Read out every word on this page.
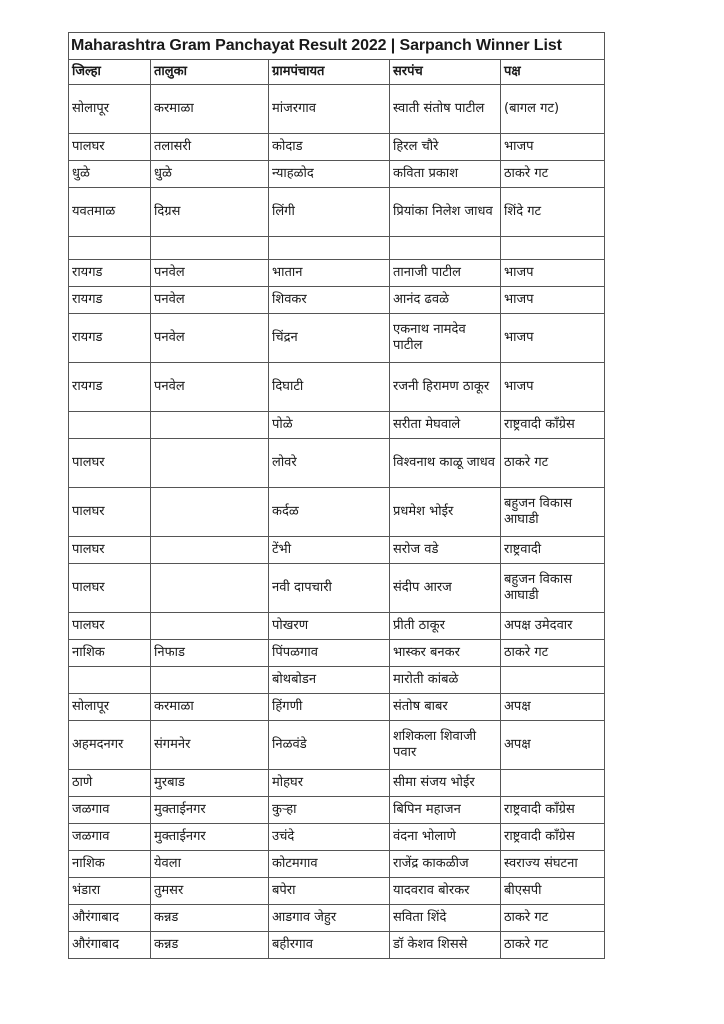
Maharashtra Gram Panchayat Result 2022 | Sarpanch Winner List				
जिल्हा	तालुका	ग्रामपंचायत	सरपंच	पक्ष
सोलापूर	करमाळा	मांजरगाव	स्वाती संतोष पाटील	(बागल गट)
पालघर	तलासरी	कोदाड	हिरल चौरे	भाजप
धुळे	धुळे	न्याहळोद	कविता प्रकाश	ठाकरे गट
यवतमाळ	दिग्रस	लिंगी	प्रियांका निलेश जाधव	शिंदे गट

रायगड	पनवेल	भातान	तानाजी पाटील	भाजप
रायगड	पनवेल	शिवकर	आनंद ढवळे	भाजप
रायगड	पनवेल	चिंद्रन	एकनाथ नामदेव पाटील	भाजप
रायगड	पनवेल	दिघाटी	रजनी हिरामण ठाकूर	भाजप
		पोळे	सरीता मेघवाले	राष्ट्रवादी काँग्रेस
पालघर		लोवरे	विश्वनाथ काळू जाधव	ठाकरे गट
पालघर		कर्दळ	प्रधमेश भोईर	बहुजन विकास आघाडी
पालघर		टेंभी	सरोज वडे	राष्ट्रवादी
पालघर		नवी दापचारी	संदीप आरज	बहुजन विकास आघाडी
पालघर		पोखरण	प्रीती ठाकूर	अपक्ष उमेदवार
नाशिक	निफाड	पिंपळगाव	भास्कर बनकर	ठाकरे गट
		बोथबोडन	मारोती कांबळे	
सोलापूर	करमाळा	हिंगणी	संतोष बाबर	अपक्ष
अहमदनगर	संगमनेर	निळवंडे	शशिकला शिवाजी पवार	अपक्ष
ठाणे	मुरबाड	मोहघर	सीमा संजय भोईर	
जळगाव	मुक्ताईनगर	कुऱ्हा	बिपिन महाजन	राष्ट्रवादी काँग्रेस
जळगाव	मुक्ताईनगर	उचंदे	वंदना भोलाणे	राष्ट्रवादी काँग्रेस
नाशिक	येवला	कोटमगाव	राजेंद्र काकळीज	स्वराज्य संघटना
भंडारा	तुमसर	बपेरा	यादवराव बोरकर	बीएसपी
औरंगाबाद	कन्नड	आडगाव जेहुर	सविता शिंदे	ठाकरे गट
औरंगाबाद	कन्नड	बहीरगाव	डॉ केशव शिससे	ठाकरे गट
